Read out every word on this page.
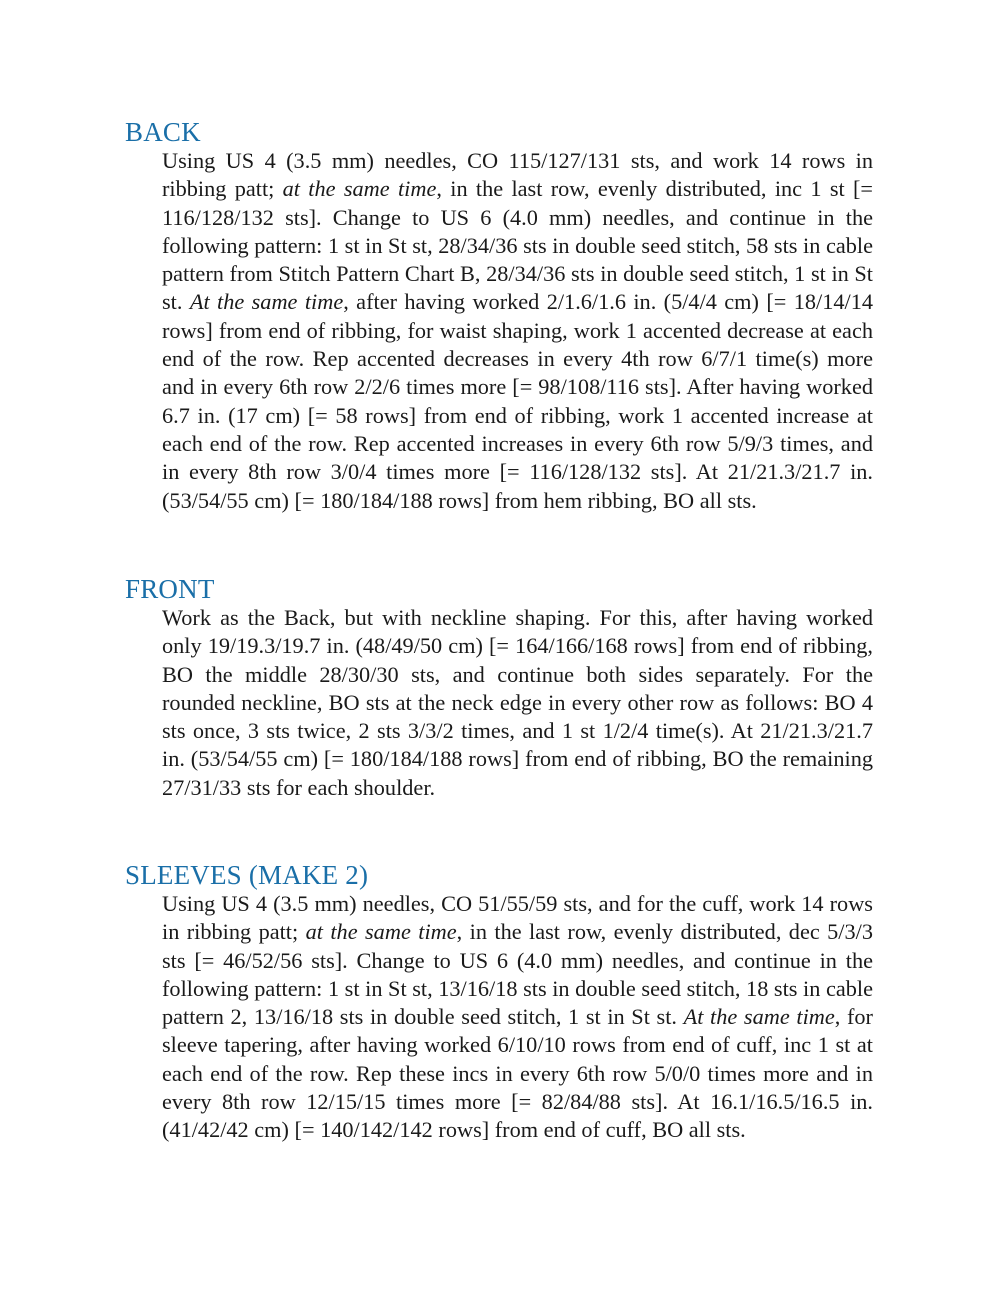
BACK

Using US 4 (3.5 mm) needles, CO 115/127/131 sts, and work 14 rows in ribbing patt; at the same time, in the last row, evenly distributed, inc 1 st [= 116/128/132 sts]. Change to US 6 (4.0 mm) needles, and continue in the following pattern: 1 st in St st, 28/34/36 sts in double seed stitch, 58 sts in cable pattern from Stitch Pattern Chart B, 28/34/36 sts in double seed stitch, 1 st in St st. At the same time, after having worked 2/1.6/1.6 in. (5/4/4 cm) [= 18/14/14 rows] from end of ribbing, for waist shaping, work 1 accented decrease at each end of the row. Rep accented decreases in every 4th row 6/7/1 time(s) more and in every 6th row 2/2/6 times more [= 98/108/116 sts]. After having worked 6.7 in. (17 cm) [= 58 rows] from end of ribbing, work 1 accented increase at each end of the row. Rep accented increases in every 6th row 5/9/3 times, and in every 8th row 3/0/4 times more [= 116/128/132 sts]. At 21/21.3/21.7 in. (53/54/55 cm) [= 180/184/188 rows] from hem ribbing, BO all sts.

FRONT

Work as the Back, but with neckline shaping. For this, after having worked only 19/19.3/19.7 in. (48/49/50 cm) [= 164/166/168 rows] from end of ribbing, BO the middle 28/30/30 sts, and continue both sides separately. For the rounded neckline, BO sts at the neck edge in every other row as follows: BO 4 sts once, 3 sts twice, 2 sts 3/3/2 times, and 1 st 1/2/4 time(s). At 21/21.3/21.7 in. (53/54/55 cm) [= 180/184/188 rows] from end of ribbing, BO the remaining 27/31/33 sts for each shoulder.

SLEEVES (MAKE 2)

Using US 4 (3.5 mm) needles, CO 51/55/59 sts, and for the cuff, work 14 rows in ribbing patt; at the same time, in the last row, evenly distributed, dec 5/3/3 sts [= 46/52/56 sts]. Change to US 6 (4.0 mm) needles, and continue in the following pattern: 1 st in St st, 13/16/18 sts in double seed stitch, 18 sts in cable pattern 2, 13/16/18 sts in double seed stitch, 1 st in St st. At the same time, for sleeve tapering, after having worked 6/10/10 rows from end of cuff, inc 1 st at each end of the row. Rep these incs in every 6th row 5/0/0 times more and in every 8th row 12/15/15 times more [= 82/84/88 sts]. At 16.1/16.5/16.5 in. (41/42/42 cm) [= 140/142/142 rows] from end of cuff, BO all sts.
